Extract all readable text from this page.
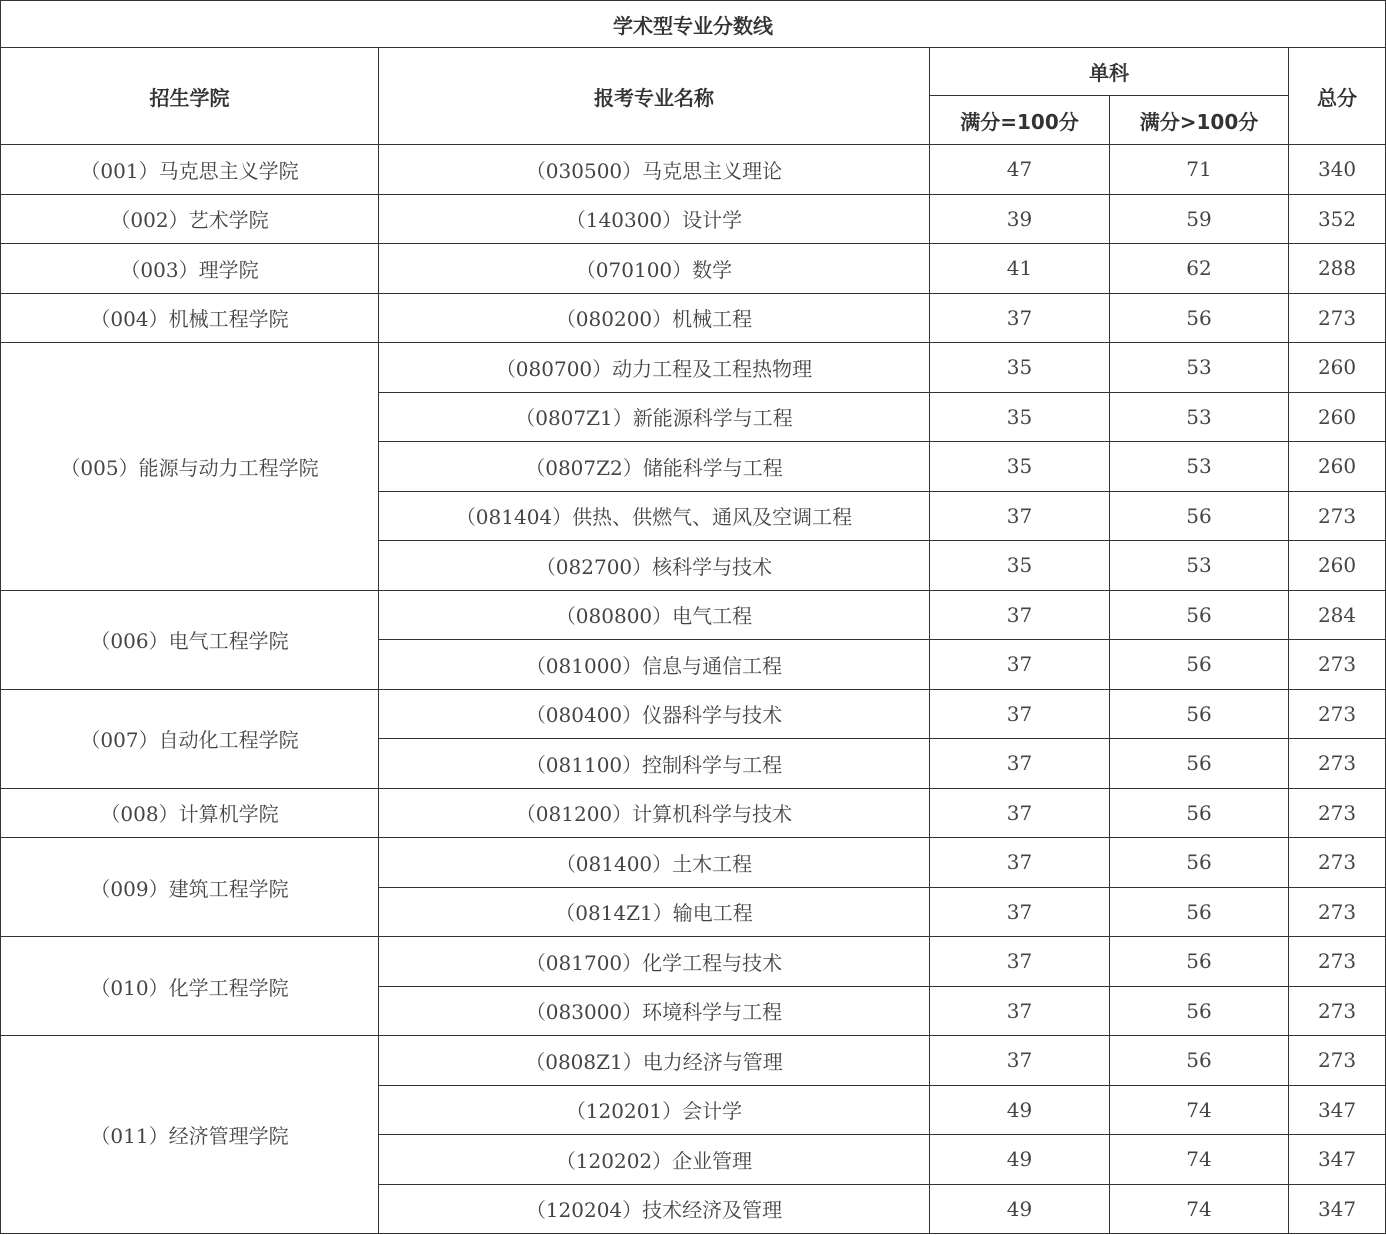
学术型专业分数线				
招生学院	报考专业名称	单科		总分
		满分=100分	满分>100分	
（001）马克思主义学院	（030500）马克思主义理论	47	71	340
（002）艺术学院	（140300）设计学	39	59	352
（003）理学院	（070100）数学	41	62	288
（004）机械工程学院	（080200）机械工程	37	56	273
（005）能源与动力工程学院	（080700）动力工程及工程热物理	35	53	260
	（0807Z1）新能源科学与工程	35	53	260
	（0807Z2）储能科学与工程	35	53	260
	（081404）供热、供燃气、通风及空调工程	37	56	273
	（082700）核科学与技术	35	53	260
（006）电气工程学院	（080800）电气工程	37	56	284
	（081000）信息与通信工程	37	56	273
（007）自动化工程学院	（080400）仪器科学与技术	37	56	273
	（081100）控制科学与工程	37	56	273
（008）计算机学院	（081200）计算机科学与技术	37	56	273
（009）建筑工程学院	（081400）土木工程	37	56	273
	（0814Z1）输电工程	37	56	273
（010）化学工程学院	（081700）化学工程与技术	37	56	273
	（083000）环境科学与工程	37	56	273
（011）经济管理学院	（0808Z1）电力经济与管理	37	56	273
	（120201）会计学	49	74	347
	（120202）企业管理	49	74	347
	（120204）技术经济及管理	49	74	347
